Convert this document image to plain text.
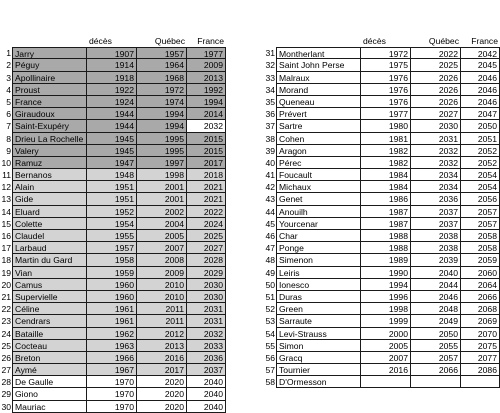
décès	Québec	France
1 Jarry	1907	1957	1977
2 Péguy	1914	1964	2009
3 Apollinaire	1918	1968	2013
4 Proust	1922	1972	1992
5 France	1924	1974	1994
6 Giraudoux	1944	1994	2014
7 Saint-Exupéry	1944	1994	2032
8 Drieu La Rochelle	1945	1995	2015
9 Valery	1945	1995	2015
10 Ramuz	1947	1997	2017
11 Bernanos	1948	1998	2018
12 Alain	1951	2001	2021
13 Gide	1951	2001	2021
14 Eluard	1952	2002	2022
15 Colette	1954	2004	2024
16 Claudel	1955	2005	2025
17 Larbaud	1957	2007	2027
18 Martin du Gard	1958	2008	2028
19 Vian	1959	2009	2029
20 Camus	1960	2010	2030
21 Supervielle	1960	2010	2030
22 Céline	1961	2011	2031
23 Cendrars	1961	2011	2031
24 Bataille	1962	2012	2032
25 Cocteau	1963	2013	2033
26 Breton	1966	2016	2036
27 Aymé	1967	2017	2037
28 De Gaulle	1970	2020	2040
29 Giono	1970	2020	2040
30 Mauriac	1970	2020	2040
décès	Québec	France
31 Montherlant	1972	2022	2042
32 Saint John Perse	1975	2025	2045
33 Malraux	1976	2026	2046
34 Morand	1976	2026	2046
35 Queneau	1976	2026	2046
36 Prévert	1977	2027	2047
37 Sartre	1980	2030	2050
38 Cohen	1981	2031	2051
39 Aragon	1982	2032	2052
40 Pérec	1982	2032	2052
41 Foucault	1984	2034	2054
42 Michaux	1984	2034	2054
43 Genet	1986	2036	2056
44 Anouilh	1987	2037	2057
45 Yourcenar	1987	2037	2057
46 Char	1988	2038	2058
47 Ponge	1988	2038	2058
48 Simenon	1989	2039	2059
49 Leiris	1990	2040	2060
50 Ionesco	1994	2044	2064
51 Duras	1996	2046	2066
52 Green	1998	2048	2068
53 Sarraute	1999	2049	2069
54 Levi-Strauss	2000	2050	2070
55 Simon	2005	2055	2075
56 Gracq	2007	2057	2077
57 Tournier	2016	2066	2086
58 D'Ormesson
